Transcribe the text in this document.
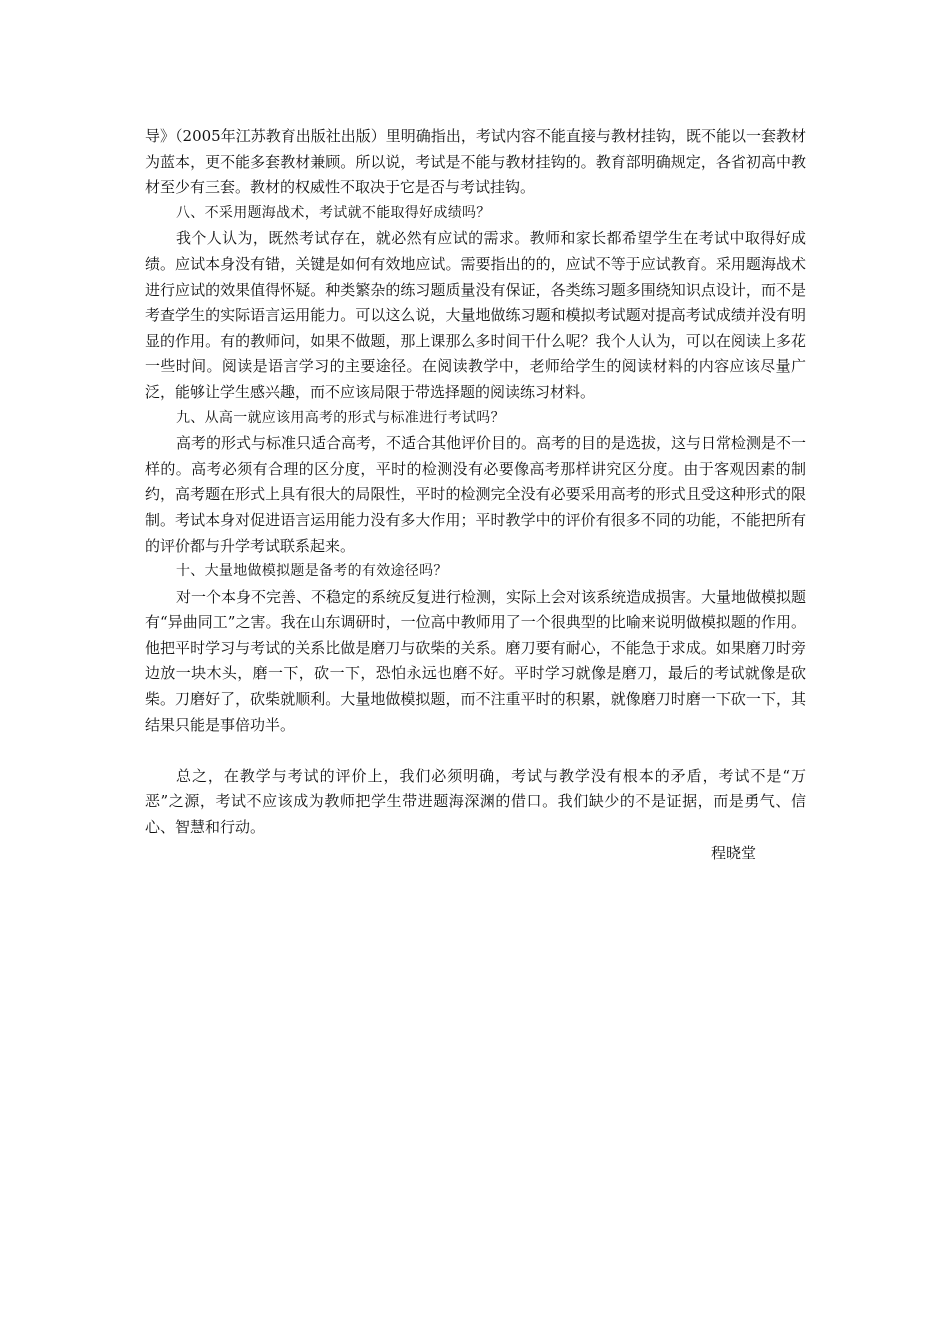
导》（2005年江苏教育出版社出版）里明确指出，考试内容不能直接与教材挂钩，既不能以一套教材为蓝本，更不能多套教材兼顾。所以说，考试是不能与教材挂钩的。教育部明确规定，各省初高中教材至少有三套。教材的权威性不取决于它是否与考试挂钩。

八、不采用题海战术，考试就不能取得好成绩吗？

我个人认为，既然考试存在，就必然有应试的需求。教师和家长都希望学生在考试中取得好成绩。应试本身没有错，关键是如何有效地应试。需要指出的的，应试不等于应试教育。采用题海战术进行应试的效果值得怀疑。种类繁杂的练习题质量没有保证，各类练习题多围绕知识点设计，而不是考查学生的实际语言运用能力。可以这么说，大量地做练习题和模拟考试题对提高考试成绩并没有明显的作用。有的教师问，如果不做题，那上课那么多时间干什么呢？我个人认为，可以在阅读上多花一些时间。阅读是语言学习的主要途径。在阅读教学中，老师给学生的阅读材料的内容应该尽量广泛，能够让学生感兴趣，而不应该局限于带选择题的阅读练习材料。

九、从高一就应该用高考的形式与标准进行考试吗？

高考的形式与标准只适合高考，不适合其他评价目的。高考的目的是选拔，这与日常检测是不一样的。高考必须有合理的区分度，平时的检测没有必要像高考那样讲究区分度。由于客观因素的制约，高考题在形式上具有很大的局限性，平时的检测完全没有必要采用高考的形式且受这种形式的限制。考试本身对促进语言运用能力没有多大作用；平时教学中的评价有很多不同的功能，不能把所有的评价都与升学考试联系起来。

十、大量地做模拟题是备考的有效途径吗？

对一个本身不完善、不稳定的系统反复进行检测，实际上会对该系统造成损害。大量地做模拟题有“异曲同工”之害。我在山东调研时，一位高中教师用了一个很典型的比喻来说明做模拟题的作用。他把平时学习与考试的关系比做是磨刀与砍柴的关系。磨刀要有耐心，不能急于求成。如果磨刀时旁边放一块木头，磨一下，砍一下，恐怕永远也磨不好。平时学习就像是磨刀，最后的考试就像是砍柴。刀磨好了，砍柴就顺利。大量地做模拟题，而不注重平时的积累，就像磨刀时磨一下砍一下，其结果只能是事倍功半。

总之，在教学与考试的评价上，我们必须明确，考试与教学没有根本的矛盾，考试不是“万恶”之源，考试不应该成为教师把学生带进题海深渊的借口。我们缺少的不是证据，而是勇气、信心、智慧和行动。

程晓堂
